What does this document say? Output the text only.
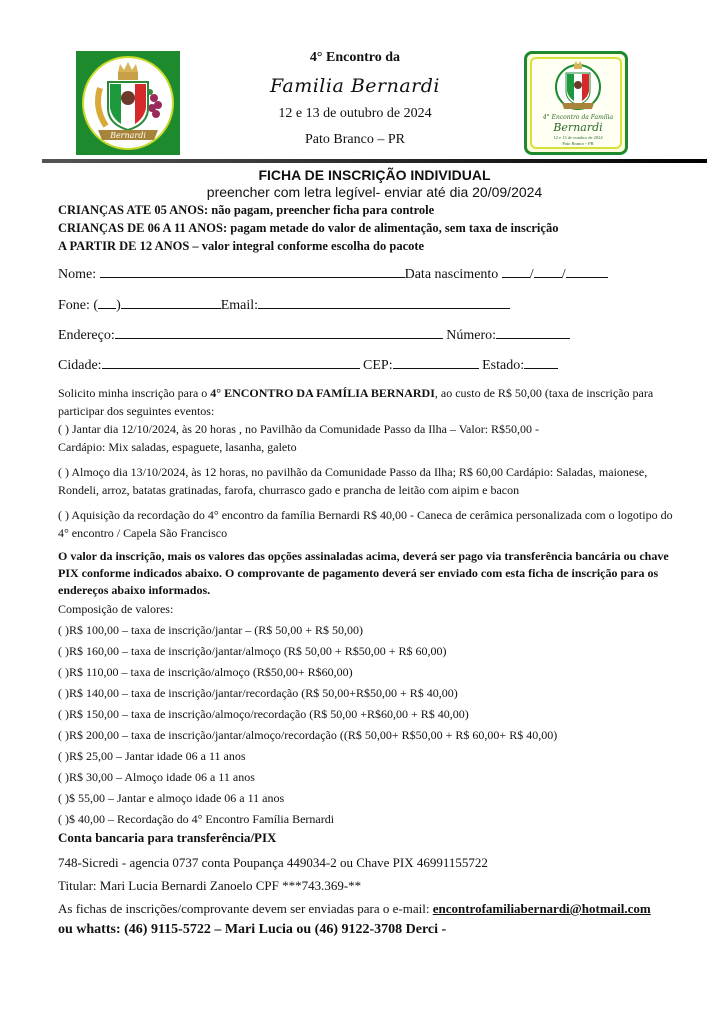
Bernardi
4° Encontro da
Familia Bernardi
12 e 13 de outubro de 2024
Pato Branco – PR
4° Encontro da Família
Bernardi
12 e 13 de outubro de 2024
Pato Branco - PR
FICHA DE INSCRIÇÃO INDIVIDUAL
preencher com letra legível- enviar até dia 20/09/2024
CRIANÇAS ATE 05 ANOS: não pagam, preencher ficha para controle
CRIANÇAS DE 06 A 11 ANOS: pagam metade do valor de alimentação, sem taxa de inscrição
A PARTIR DE 12 ANOS – valor integral conforme escolha do pacote
Nome:	Data nascimento / /
Fone: ( )	Email:
Endereço:	Número:
Cidade:	CEP:	Estado:
Solicito minha inscrição para o 4° ENCONTRO DA FAMÍLIA BERNARDI, ao custo de R$ 50,00 (taxa de inscrição para participar dos seguintes eventos:
( ) Jantar dia 12/10/2024, às 20 horas , no Pavilhão da Comunidade Passo da Ilha – Valor: R$50,00 -
Cardápio: Mix saladas, espaguete, lasanha, galeto
( ) Almoço dia 13/10/2024, às 12 horas, no pavilhão da Comunidade Passo da Ilha; R$ 60,00 Cardápio: Saladas, maionese, Rondeli, arroz, batatas gratinadas, farofa, churrasco gado e prancha de leitão com aipim e bacon
( ) Aquisição da recordação do 4° encontro da família Bernardi R$ 40,00 - Caneca de cerâmica personalizada com o logotipo do 4° encontro / Capela São Francisco
O valor da inscrição, mais os valores das opções assinaladas acima, deverá ser pago via transferência bancária ou chave PIX conforme indicados abaixo. O comprovante de pagamento deverá ser enviado com esta ficha de inscrição para os endereços abaixo informados.
Composição de valores:
( )R$ 100,00 – taxa de inscrição/jantar – (R$ 50,00 + R$ 50,00)
( )R$ 160,00 – taxa de inscrição/jantar/almoço (R$ 50,00 + R$50,00 + R$ 60,00)
( )R$ 110,00 – taxa de inscrição/almoço (R$50,00+ R$60,00)
( )R$ 140,00 – taxa de inscrição/jantar/recordação (R$ 50,00+R$50,00 + R$ 40,00)
( )R$ 150,00 – taxa de inscrição/almoço/recordação (R$ 50,00 +R$60,00 + R$ 40,00)
( )R$ 200,00 – taxa de inscrição/jantar/almoço/recordação ((R$ 50,00+ R$50,00 + R$ 60,00+ R$ 40,00)
( )R$ 25,00 – Jantar idade 06 a 11 anos
( )R$ 30,00 – Almoço idade 06 a 11 anos
( )$ 55,00 – Jantar e almoço idade 06 a 11 anos
( )$ 40,00 – Recordação do 4° Encontro Família Bernardi
Conta bancaria para transferência/PIX
748-Sicredi - agencia 0737 conta Poupança 449034-2 ou Chave PIX 46991155722
Titular: Mari Lucia Bernardi Zanoelo CPF ***743.369-**
As fichas de inscrições/comprovante devem ser enviadas para o e-mail: encontrofamiliabernardi@hotmail.com
ou whatts: (46) 9115-5722 – Mari Lucia ou (46) 9122-3708 Derci -
